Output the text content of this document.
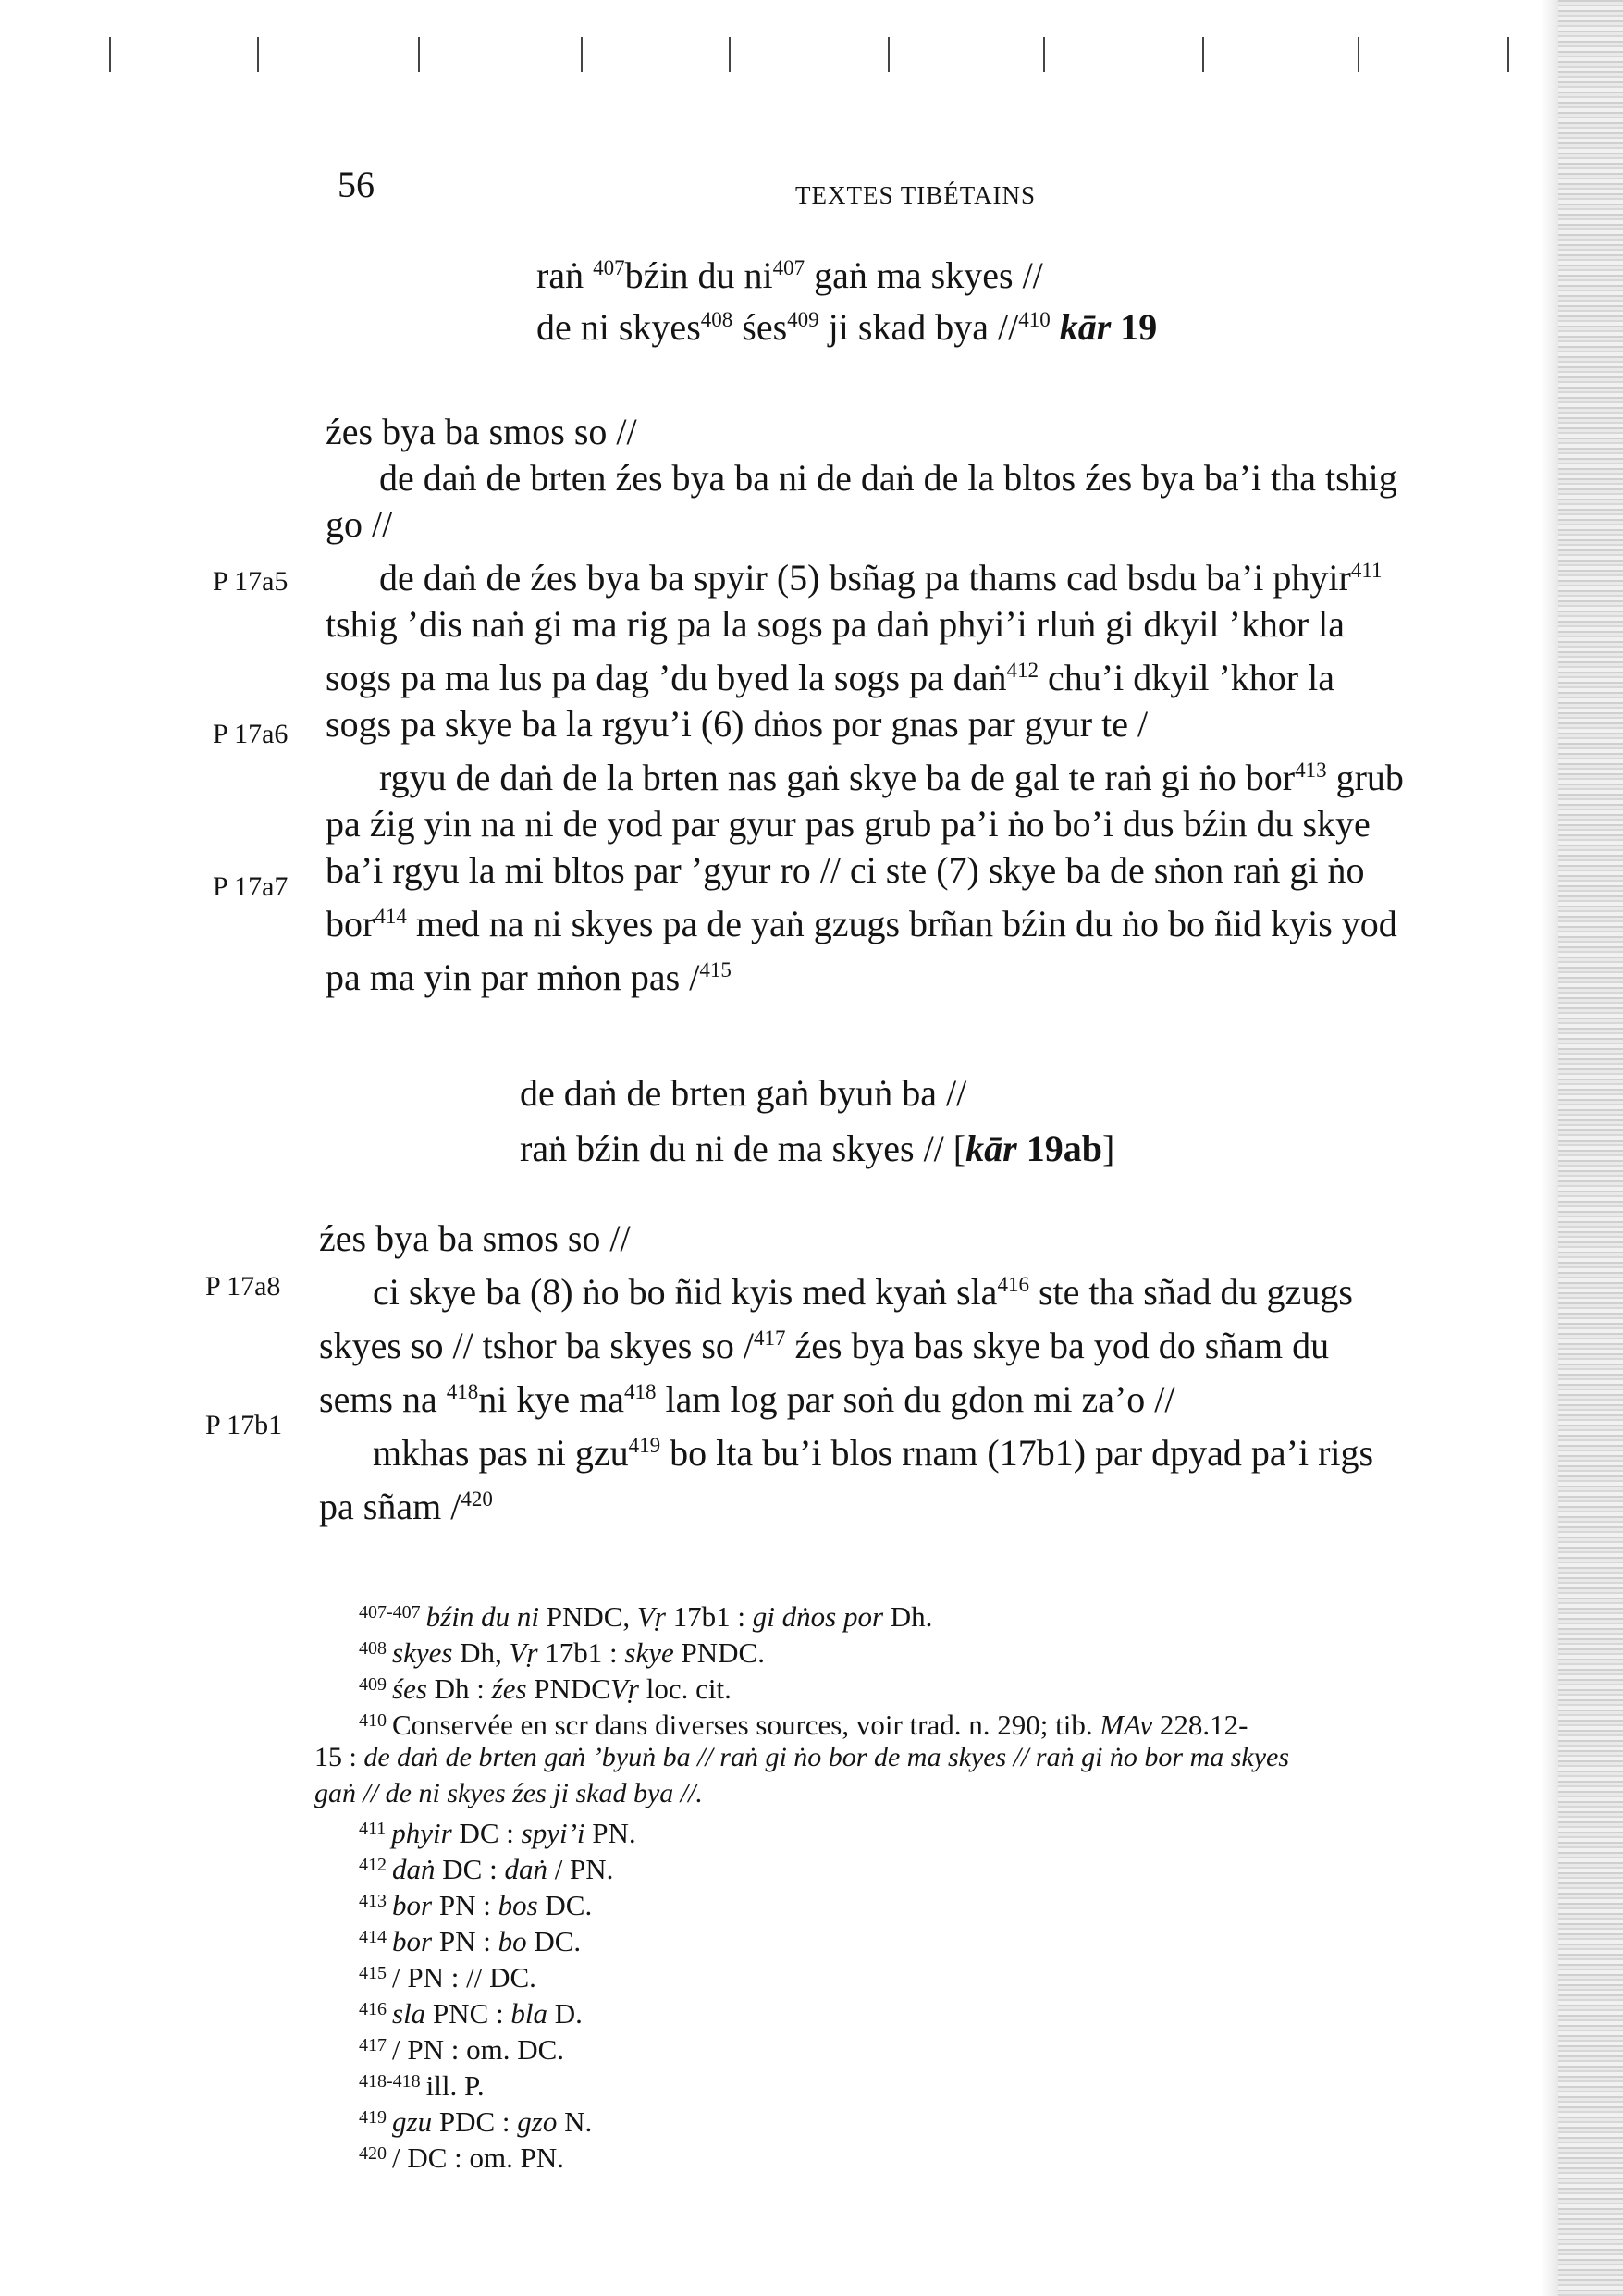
56	TEXTES TIBÉTAINS
raṅ $^{407}$bźin du $ni^{407}$ gaṅ ma skyes //
de ni skyes$^{408}$ śes$^{409}$ ji skad bya //$^{410}$ kār 19
źes bya ba smos so //
de daṅ de brten źes bya ba ni de daṅ de la bltos źes bya ba’i tha tshig
go //
de daṅ de źes bya ba spyir (5) bsñag pa thams cad bsdu ba’i phyir$^{411}$
tshig ’dis naṅ gi ma rig pa la sogs pa daṅ phyi’i rluṅ gi dkyil ’khor la
sogs pa ma lus pa dag ’du byed la sogs pa daṅ$^{412}$ chu’i dkyil ’khor la
sogs pa skye ba la rgyu’i (6) dṅos por gnas par gyur te /
rgyu de daṅ de la brten nas gaṅ skye ba de gal te raṅ gi ṅo bor$^{413}$ grub
pa źig yin na ni de yod par gyur pas grub pa’i ṅo bo’i dus bźin du skye
ba’i rgyu la mi bltos par ’gyur ro // ci ste (7) skye ba de sṅon raṅ gi ṅo
bor$^{414}$ med na ni skyes pa de yaṅ gzugs brñan bźin du ṅo bo ñid kyis yod
pa ma yin par mṅon pas /$^{415}$
de daṅ de brten gaṅ byuṅ ba //
raṅ bźin du ni de ma skyes // [kār 19ab]
źes bya ba smos so //
ci skye ba (8) ṅo bo ñid kyis med kyaṅ sla$^{416}$ ste tha sñad du gzugs
skyes so // tshor ba skyes so /$^{417}$ źes bya bas skye ba yod do sñam du
sems na $^{418}$ni kye $ma^{418}$ lam log par soṅ du gdon mi za’o //
mkhas pas ni gzu$^{419}$ bo lta bu’i blos rnam (17b1) par dpyad pa’i rigs
pa sñam /$^{420}$
P 17a5
P 17a6
P 17a7
P 17a8
P 17b1
$^{407-407}$ bźin du ni PNDC, Vṛ 17b1 : gi dṅos por Dh.
$^{408}$ skyes Dh, Vṛ 17b1 : skye PNDC.
$^{409}$ śes Dh : źes PNDCVṛ loc. cit.
$^{410}$ Conservée en scr dans diverses sources, voir trad. n. 290; tib. MAv 228.12-
15 : de daṅ de brten gaṅ ’byuṅ ba // raṅ gi ṅo bor de ma skyes // raṅ gi ṅo bor ma skyes
gaṅ // de ni skyes źes ji skad bya //.
$^{411}$ phyir DC : spyi’i PN.
$^{412}$ daṅ DC : daṅ / PN.
$^{413}$ bor PN : bos DC.
$^{414}$ bor PN : bo DC.
$^{415}$ / PN : // DC.
$^{416}$ sla PNC : bla D.
$^{417}$ / PN : om. DC.
$^{418-418}$ ill. P.
$^{419}$ gzu PDC : gzo N.
$^{420}$ / DC : om. PN.
